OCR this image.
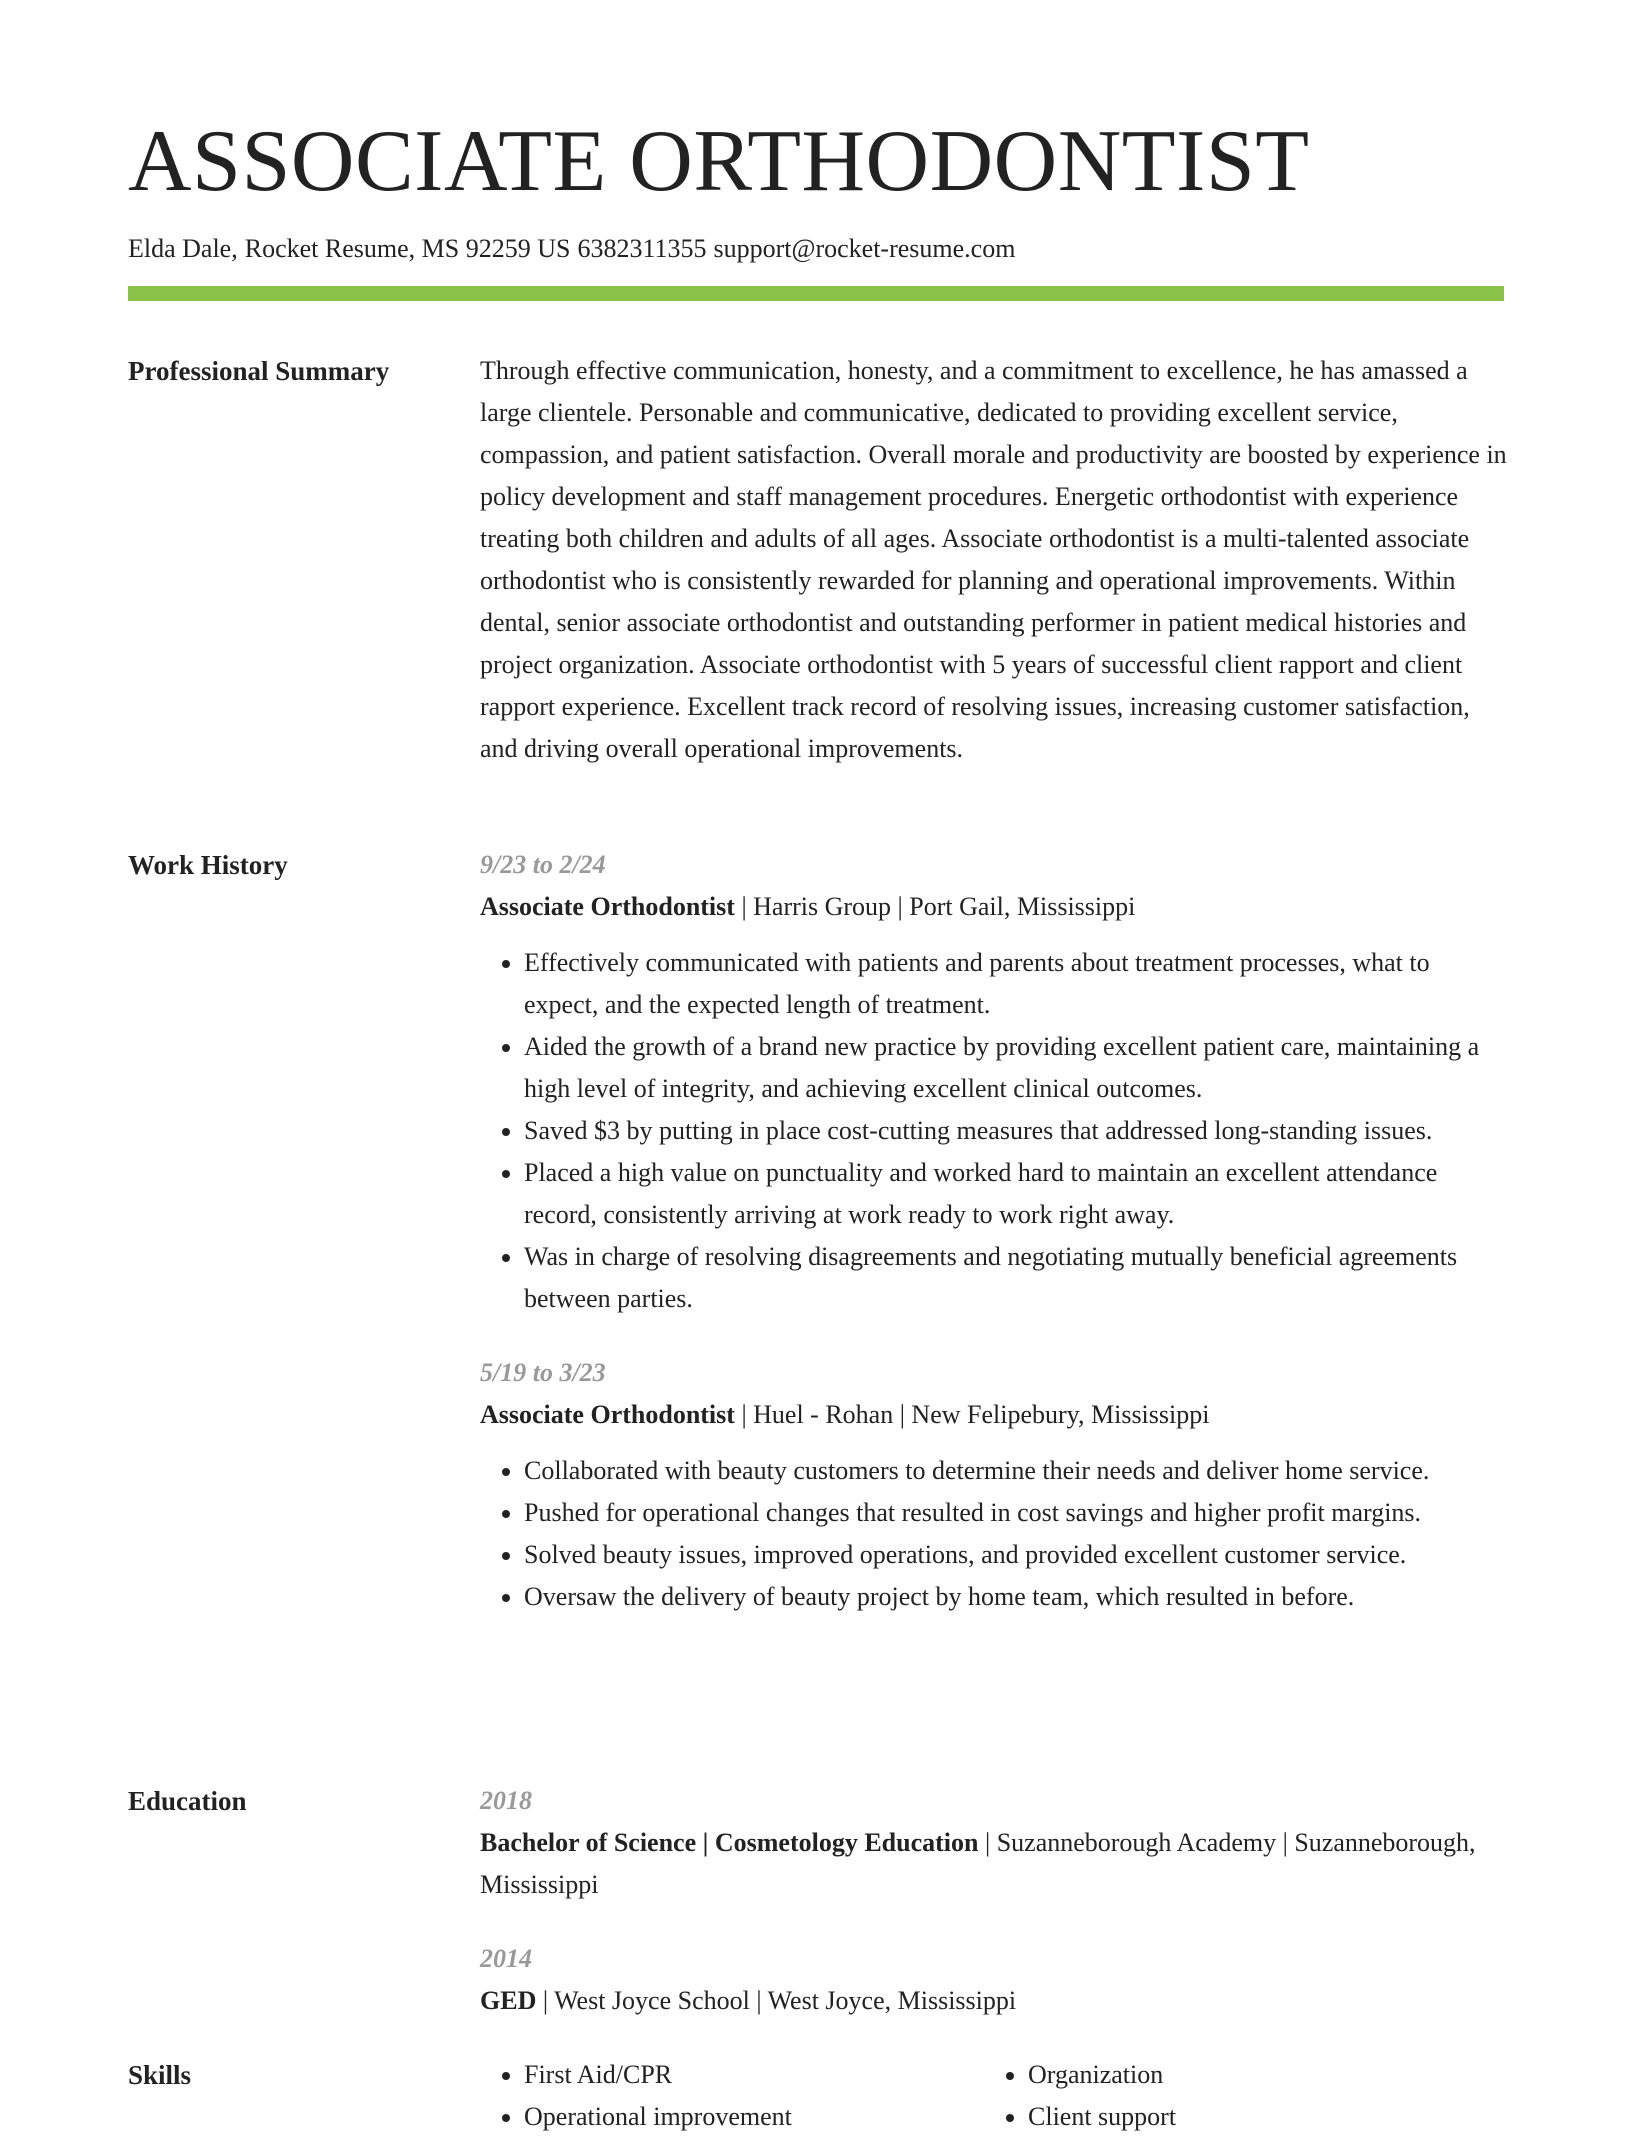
ASSOCIATE ORTHODONTIST
Elda Dale, Rocket Resume, MS 92259 US 6382311355 support@rocket-resume.com
Professional Summary	Through effective communication, honesty, and a commitment to excellence, he has amassed a large clientele. Personable and communicative, dedicated to providing excellent service, compassion, and patient satisfaction. Overall morale and productivity are boosted by experience in policy development and staff management procedures. Energetic orthodontist with experience treating both children and adults of all ages. Associate orthodontist is a multi-talented associate orthodontist who is consistently rewarded for planning and operational improvements. Within dental, senior associate orthodontist and outstanding performer in patient medical histories and project organization. Associate orthodontist with 5 years of successful client rapport and client rapport experience. Excellent track record of resolving issues, increasing customer satisfaction, and driving overall operational improvements.

Work History	9/23 to 2/24
Associate Orthodontist | Harris Group | Port Gail, Mississippi
• Effectively communicated with patients and parents about treatment processes, what to expect, and the expected length of treatment.
• Aided the growth of a brand new practice by providing excellent patient care, maintaining a high level of integrity, and achieving excellent clinical outcomes.
• Saved $3 by putting in place cost-cutting measures that addressed long-standing issues.
• Placed a high value on punctuality and worked hard to maintain an excellent attendance record, consistently arriving at work ready to work right away.
• Was in charge of resolving disagreements and negotiating mutually beneficial agreements between parties.
5/19 to 3/23
Associate Orthodontist | Huel - Rohan | New Felipebury, Mississippi
• Collaborated with beauty customers to determine their needs and deliver home service.
• Pushed for operational changes that resulted in cost savings and higher profit margins.
• Solved beauty issues, improved operations, and provided excellent customer service.
• Oversaw the delivery of beauty project by home team, which resulted in before.
Education	2018
Bachelor of Science | Cosmetology Education | Suzanneborough Academy | Suzanneborough, Mississippi
2014
GED | West Joyce School | West Joyce, Mississippi
Skills
•	First Aid/CPR
• Operational improvement
• Organization
• Client support
